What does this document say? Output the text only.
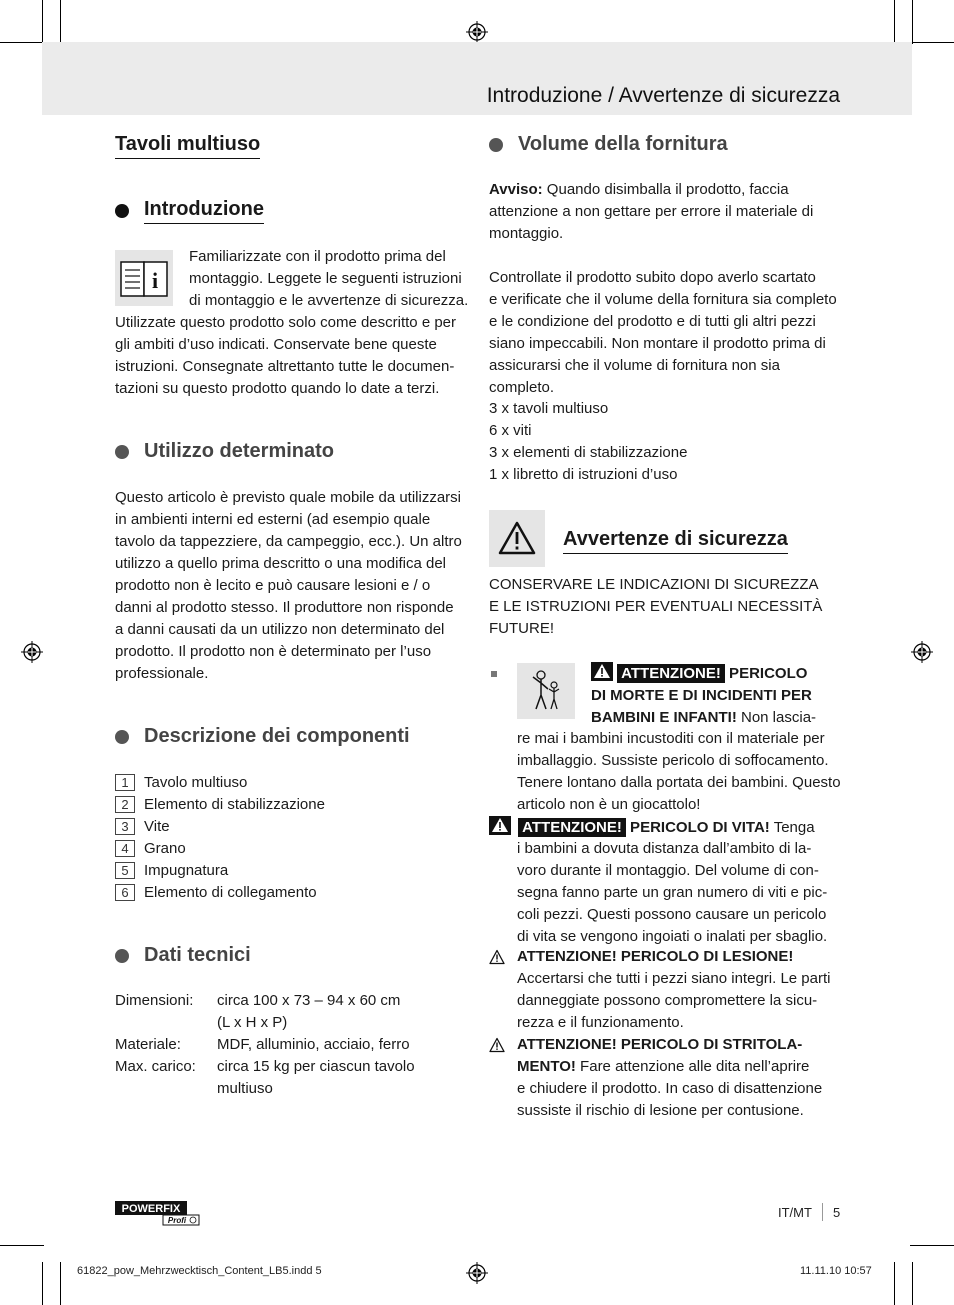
Introduzione / Avvertenze di sicurezza
Tavoli multiuso
Introduzione
i
Familiarizzate con il prodotto prima del
montaggio. Leggete le seguenti istruzioni
di montaggio e le avvertenze di sicurezza.
Utilizzate questo prodotto solo come descritto e per
gli ambiti d’uso indicati. Conservate bene queste
istruzioni. Consegnate altrettanto tutte le documen-
tazioni su questo prodotto quando lo date a terzi.
Utilizzo determinato
Questo articolo è previsto quale mobile da utilizzarsi
in ambienti interni ed esterni (ad esempio quale
tavolo da tappezziere, da campeggio, ecc.). Un altro
utilizzo a quello prima descritto o una modifica del
prodotto non è lecito e può causare lesioni e / o
danni al prodotto stesso. Il produttore non risponde
a danni causati da un utilizzo non determinato del
prodotto. Il prodotto non è determinato per l’uso
professionale.
Descrizione dei componenti
1	Tavolo multiuso
2	Elemento di stabilizzazione
3	Vite
4	Grano
5	Impugnatura
6	Elemento di collegamento
Dati tecnici
Dimensioni:	circa 100 x 73 – 94 x 60 cm
(L x H x P)
Materiale:	MDF, alluminio, acciaio, ferro
Max. carico:	circa 15 kg per ciascun tavolo
multiuso
Volume della fornitura
Avviso: Quando disimballa il prodotto, faccia
attenzione a non gettare per errore il materiale di
montaggio.
Controllate il prodotto subito dopo averlo scartato
e verificate che il volume della fornitura sia completo
e le condizione del prodotto e di tutti gli altri pezzi
siano impeccabili. Non montare il prodotto prima di
assicurarsi che il volume di fornitura non sia completo.
3 x tavoli multiuso
6 x viti
3 x elementi di stabilizzazione
1 x libretto di istruzioni d’uso
Avvertenze di sicurezza
CONSERVARE LE INDICAZIONI DI SICUREZZA
E LE ISTRUZIONI PER EVENTUALI NECESSITÀ
FUTURE!
ATTENZIONE! PERICOLO
DI MORTE E DI INCIDENTI PER
BAMBINI E INFANTI! Non lascia-
re mai i bambini incustoditi con il materiale per
imballaggio. Sussiste pericolo di soffocamento.
Tenere lontano dalla portata dei bambini. Questo
articolo non è un giocattolo!
ATTENZIONE! PERICOLO DI VITA! Tenga
i bambini a dovuta distanza dall’ambito di la-
voro durante il montaggio. Del volume di con-
segna fanno parte un gran numero di viti e pic-
coli pezzi. Questi possono causare un pericolo
di vita se vengono ingoiati o inalati per sbaglio.
ATTENZIONE! PERICOLO DI LESIONE!
Accertarsi che tutti i pezzi siano integri. Le parti
danneggiate possono compromettere la sicu-
rezza e il funzionamento.
ATTENZIONE! PERICOLO DI STRITOLA-
MENTO! Fare attenzione alle dita nell’aprire
e chiudere il prodotto. In caso di disattenzione
sussiste il rischio di lesione per contusione.
POWERFIX
Profi
IT/MT 5
61822_pow_Mehrzwecktisch_Content_LB5.indd 5	11.11.10 10:57
